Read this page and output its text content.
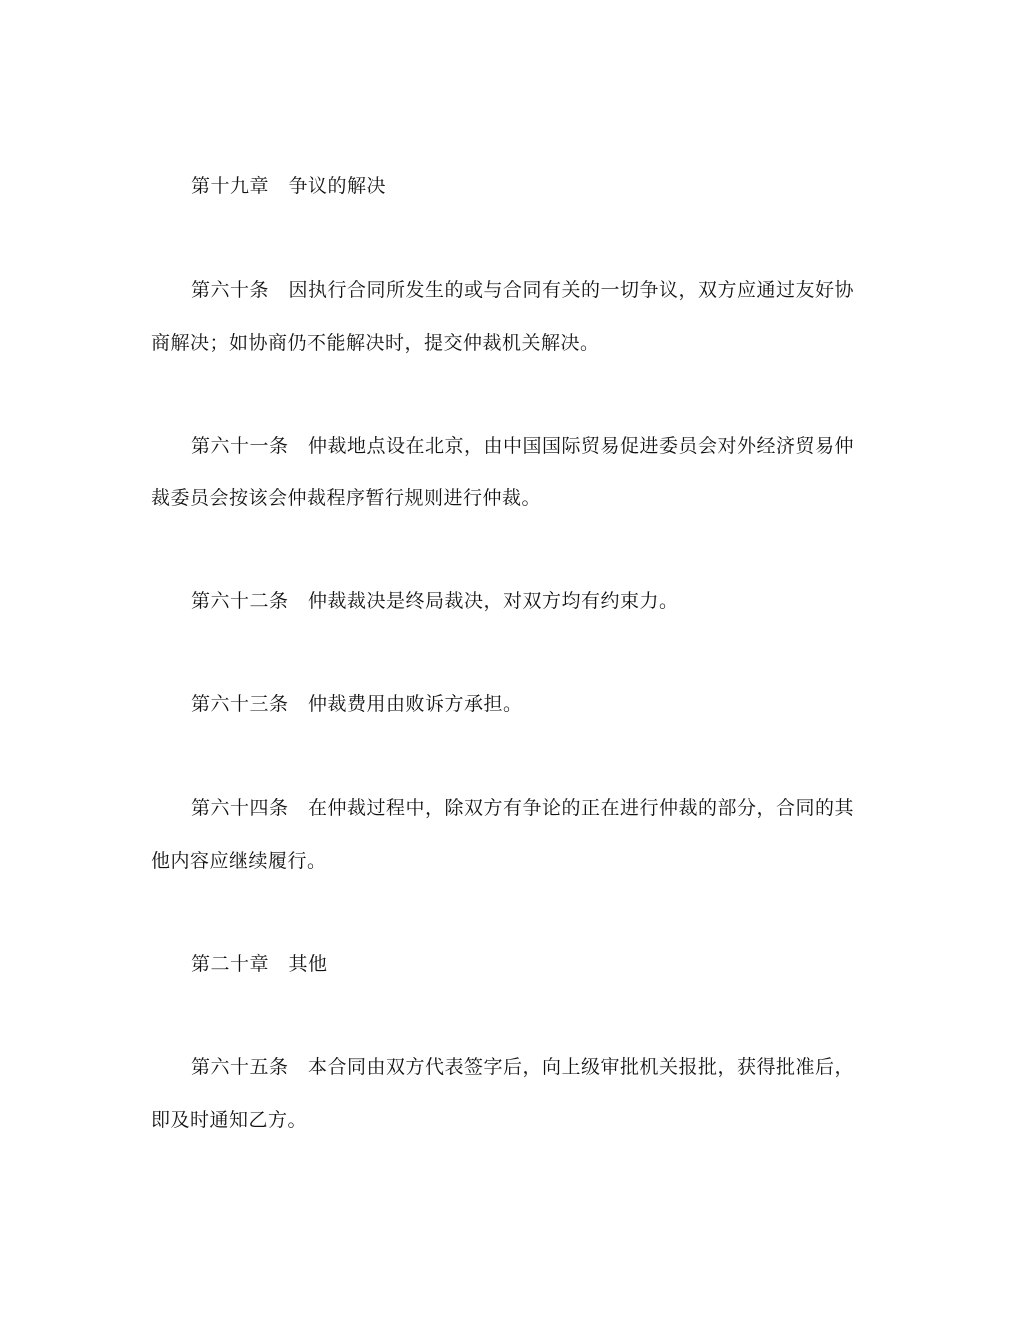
第十九章　争议的解决
第六十条　因执行合同所发生的或与合同有关的一切争议，双方应通过友好协
商解决；如协商仍不能解决时，提交仲裁机关解决。
第六十一条　仲裁地点设在北京，由中国国际贸易促进委员会对外经济贸易仲
裁委员会按该会仲裁程序暂行规则进行仲裁。
第六十二条　仲裁裁决是终局裁决，对双方均有约束力。
第六十三条　仲裁费用由败诉方承担。
第六十四条　在仲裁过程中，除双方有争论的正在进行仲裁的部分，合同的其
他内容应继续履行。
第二十章　其他
第六十五条　本合同由双方代表签字后，向上级审批机关报批，获得批准后，
即及时通知乙方。
